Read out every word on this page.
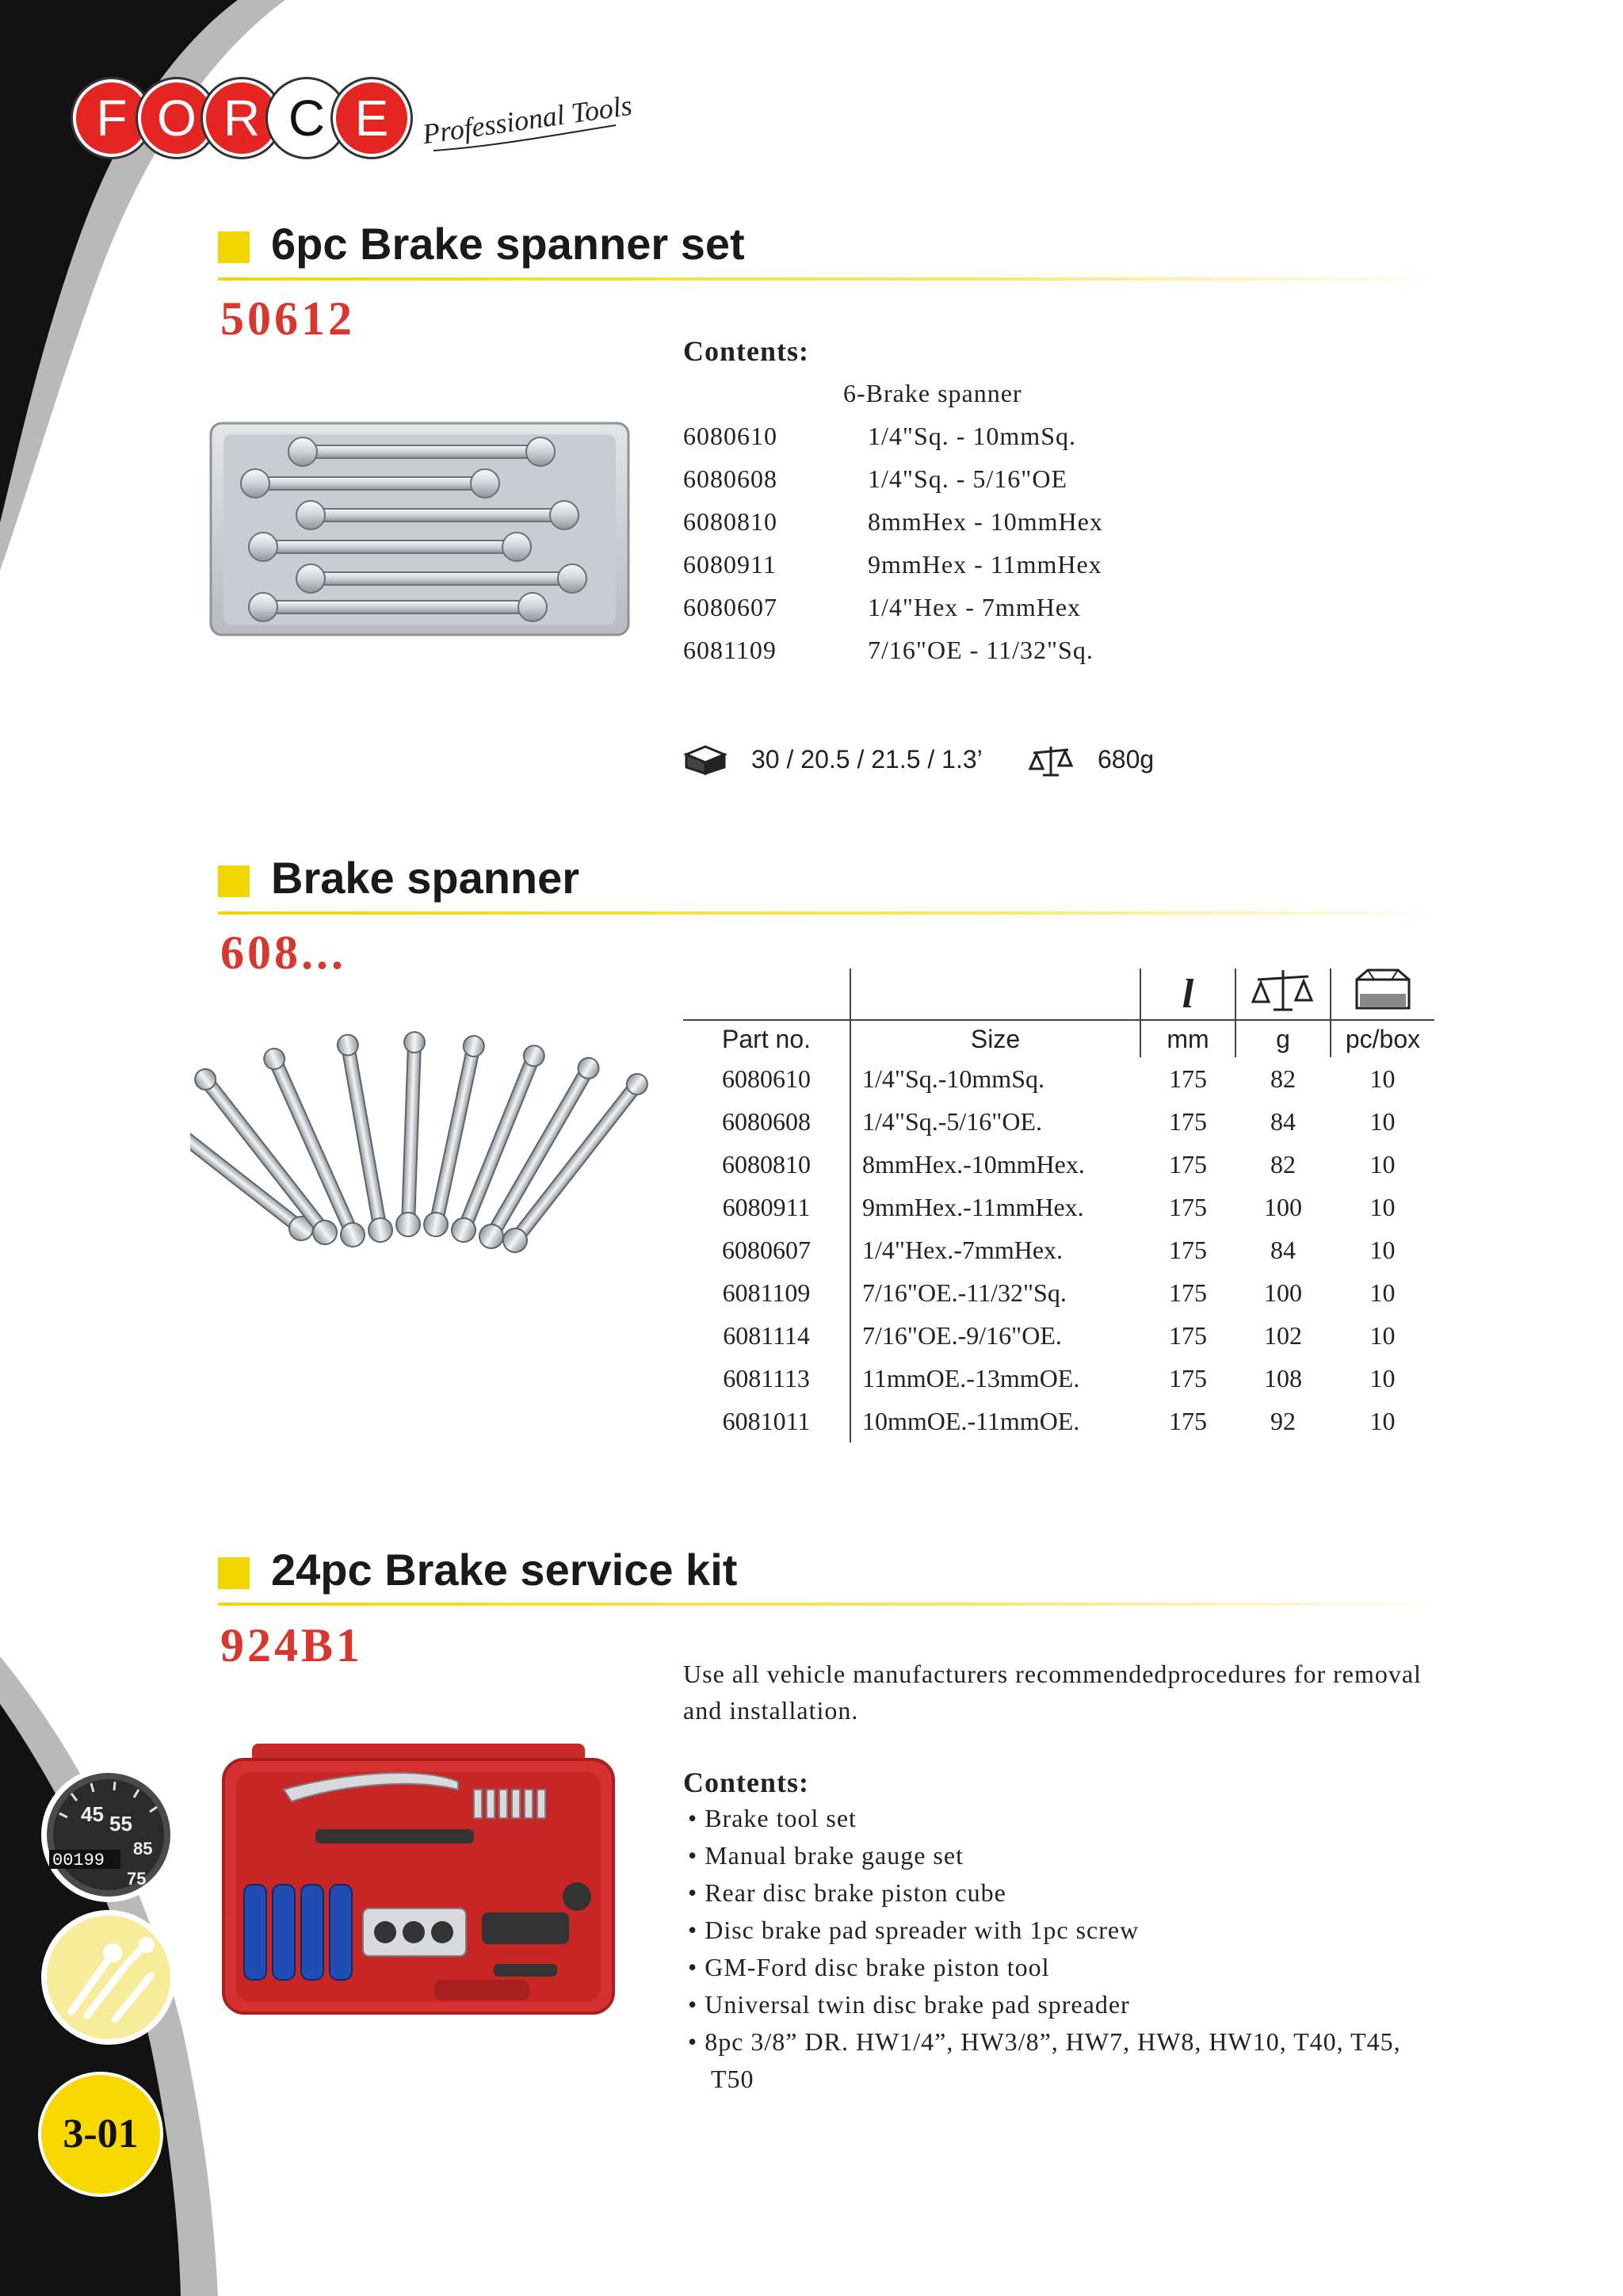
45 55
85
75
00199
3-01
F O R C E	Professional Tools
6pc Brake spanner set
50612
Contents:
6-Brake spanner
6080610	1/4"Sq. - 10mmSq.
6080608	1/4"Sq. - 5/16"OE
6080810	8mmHex - 10mmHex
6080911	9mmHex - 11mmHex
6080607	1/4"Hex - 7mmHex
6081109	7/16"OE - 11/32"Sq.
30 / 20.5 / 21.5 / 1.3’	680g
Brake spanner
608...
		l		
Part no.	Size	mm	g	pc/box
6080610	1/4"Sq.-10mmSq.	175	82	10
6080608	1/4"Sq.-5/16"OE.	175	84	10
6080810	8mmHex.-10mmHex.	175	82	10
6080911	9mmHex.-11mmHex.	175	100	10
6080607	1/4"Hex.-7mmHex.	175	84	10
6081109	7/16"OE.-11/32"Sq.	175	100	10
6081114	7/16"OE.-9/16"OE.	175	102	10
6081113	11mmOE.-13mmOE.	175	108	10
6081011	10mmOE.-11mmOE.	175	92	10
24pc Brake service kit
924B1
Use all vehicle manufacturers recommendedprocedures for removal
and installation.
Contents:
• Brake tool set
• Manual brake gauge set
• Rear disc brake piston cube
• Disc brake pad spreader with 1pc screw
• GM-Ford disc brake piston tool
• Universal twin disc brake pad spreader
• 8pc 3/8” DR. HW1/4”, HW3/8”, HW7, HW8, HW10, T40, T45,
T50
